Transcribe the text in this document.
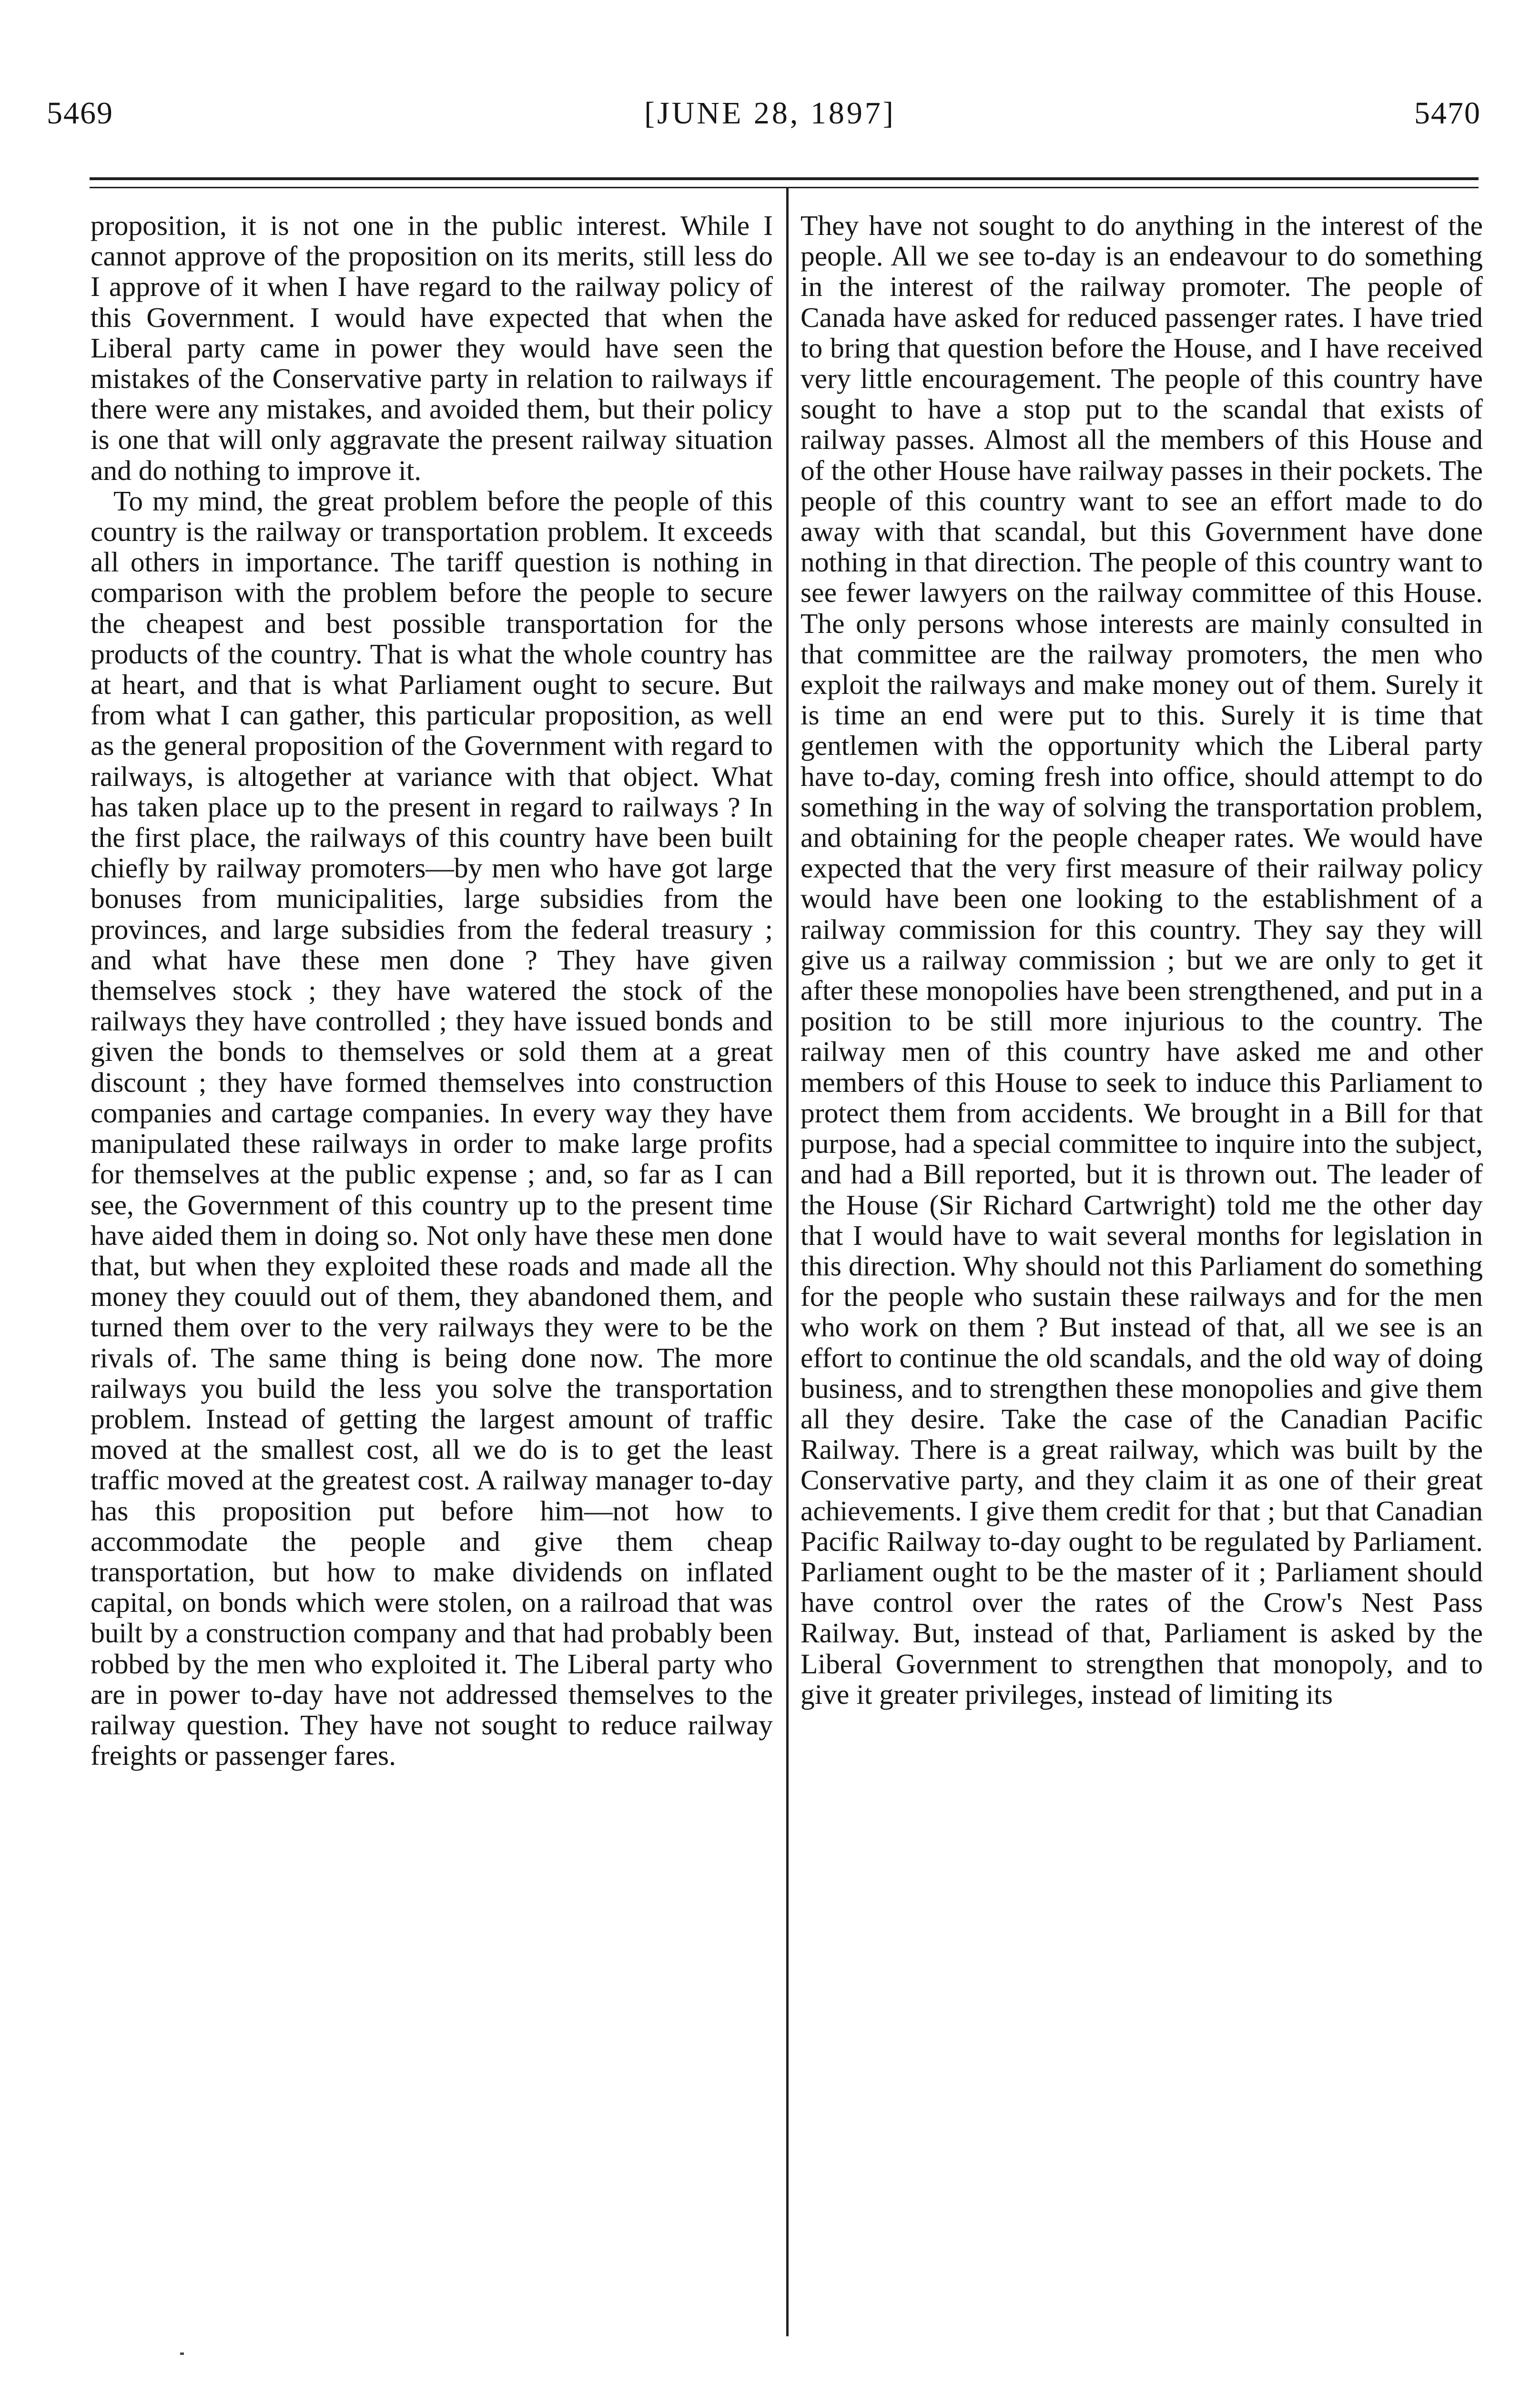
5469	[JUNE 28, 1897]	5470

proposition, it is not one in the public interest. While I cannot approve of the proposition on its merits, still less do I approve of it when I have regard to the railway policy of this Government. I would have expected that when the Liberal party came in power they would have seen the mistakes of the Conservative party in relation to railways if there were any mistakes, and avoided them, but their policy is one that will only aggravate the present railway situation and do nothing to improve it.

To my mind, the great problem before the people of this country is the railway or transportation problem. It exceeds all others in importance. The tariff question is nothing in comparison with the problem before the people to secure the cheapest and best possible transportation for the products of the country. That is what the whole country has at heart, and that is what Parliament ought to secure. But from what I can gather, this particular proposition, as well as the general proposition of the Government with regard to railways, is altogether at variance with that object. What has taken place up to the present in regard to railways ? In the first place, the railways of this country have been built chiefly by railway promoters—by men who have got large bonuses from municipalities, large subsidies from the provinces, and large subsidies from the federal treasury ; and what have these men done ? They have given themselves stock ; they have watered the stock of the railways they have controlled ; they have issued bonds and given the bonds to themselves or sold them at a great discount ; they have formed themselves into construction companies and cartage companies. In every way they have manipulated these railways in order to make large profits for themselves at the public expense ; and, so far as I can see, the Government of this country up to the present time have aided them in doing so. Not only have these men done that, but when they exploited these roads and made all the money they couuld out of them, they abandoned them, and turned them over to the very railways they were to be the rivals of. The same thing is being done now. The more railways you build the less you solve the transportation problem. Instead of getting the largest amount of traffic moved at the smallest cost, all we do is to get the least traffic moved at the greatest cost. A railway manager to-day has this proposition put before him—not how to accommodate the people and give them cheap transportation, but how to make dividends on inflated capital, on bonds which were stolen, on a railroad that was built by a construction company and that had probably been robbed by the men who exploited it. The Liberal party who are in power to-day have not addressed themselves to the railway question. They have not sought to reduce railway freights or passenger fares.

They have not sought to do anything in the interest of the people. All we see to-day is an endeavour to do something in the interest of the railway promoter. The people of Canada have asked for reduced passenger rates. I have tried to bring that question before the House, and I have received very little encouragement. The people of this country have sought to have a stop put to the scandal that exists of railway passes. Almost all the members of this House and of the other House have railway passes in their pockets. The people of this country want to see an effort made to do away with that scandal, but this Government have done nothing in that direction. The people of this country want to see fewer lawyers on the railway committee of this House. The only persons whose interests are mainly consulted in that committee are the railway promoters, the men who exploit the railways and make money out of them. Surely it is time an end were put to this. Surely it is time that gentlemen with the opportunity which the Liberal party have to-day, coming fresh into office, should attempt to do something in the way of solving the transportation problem, and obtaining for the people cheaper rates. We would have expected that the very first measure of their railway policy would have been one looking to the establishment of a railway commission for this country. They say they will give us a railway commission ; but we are only to get it after these monopolies have been strengthened, and put in a position to be still more injurious to the country. The railway men of this country have asked me and other members of this House to seek to induce this Parliament to protect them from accidents. We brought in a Bill for that purpose, had a special committee to inquire into the subject, and had a Bill reported, but it is thrown out. The leader of the House (Sir Richard Cartwright) told me the other day that I would have to wait several months for legislation in this direction. Why should not this Parliament do something for the people who sustain these railways and for the men who work on them ? But instead of that, all we see is an effort to continue the old scandals, and the old way of doing business, and to strengthen these monopolies and give them all they desire. Take the case of the Canadian Pacific Railway. There is a great railway, which was built by the Conservative party, and they claim it as one of their great achievements. I give them credit for that ; but that Canadian Pacific Railway to-day ought to be regulated by Parliament. Parliament ought to be the master of it ; Parliament should have control over the rates of the Crow's Nest Pass Railway. But, instead of that, Parliament is asked by the Liberal Government to strengthen that monopoly, and to give it greater privileges, instead of limiting its
